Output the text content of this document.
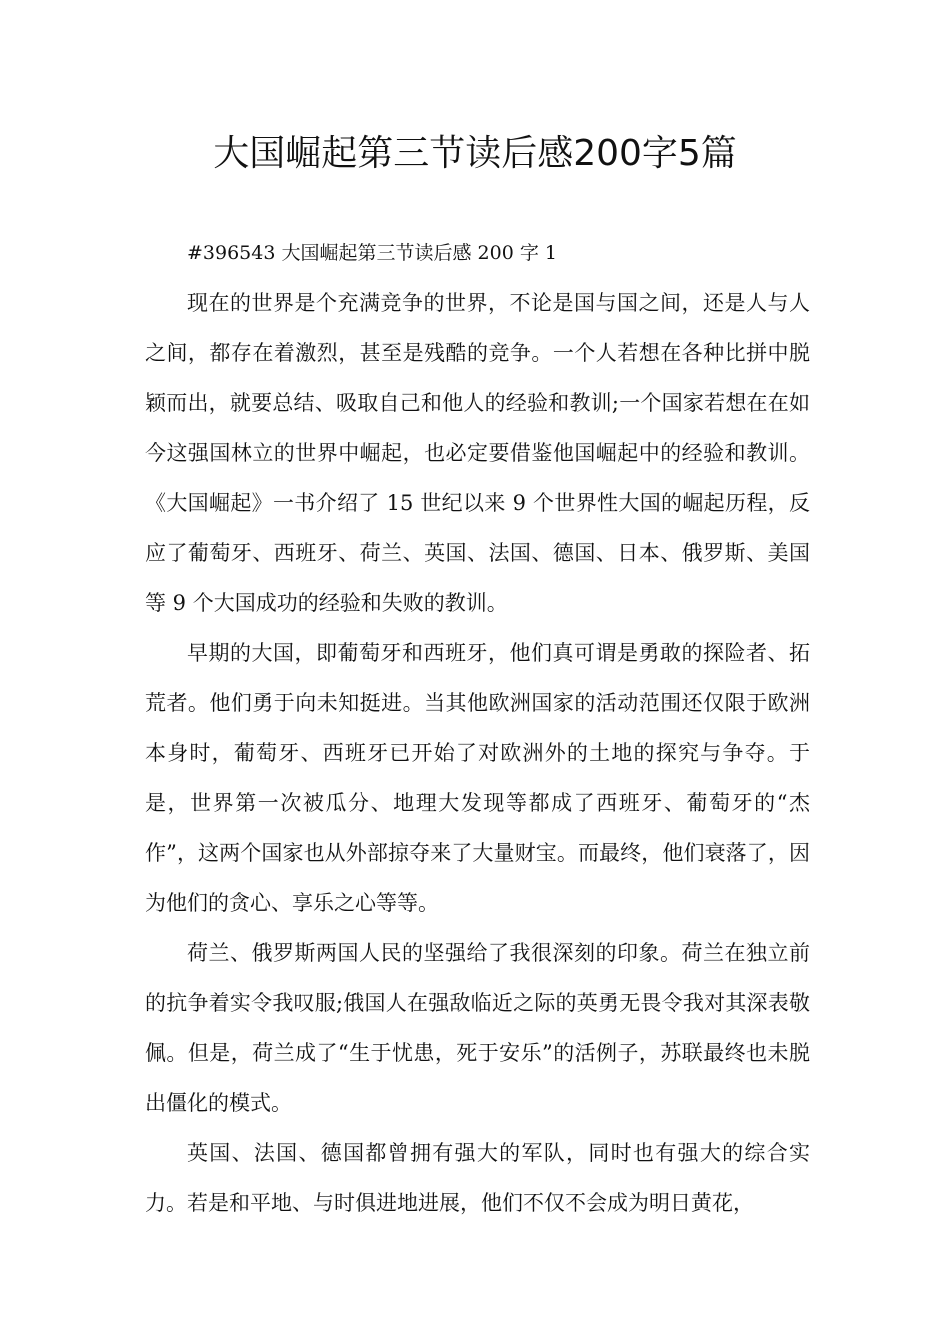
大国崛起第三节读后感200字5篇

#396543 大国崛起第三节读后感 200 字 1

现在的世界是个充满竞争的世界，不论是国与国之间，还是人与人之间，都存在着激烈，甚至是残酷的竞争。一个人若想在各种比拼中脱颖而出，就要总结、吸取自己和他人的经验和教训;一个国家若想在在如今这强国林立的世界中崛起，也必定要借鉴他国崛起中的经验和教训。《大国崛起》一书介绍了 15 世纪以来 9 个世界性大国的崛起历程，反应了葡萄牙、西班牙、荷兰、英国、法国、德国、日本、俄罗斯、美国等 9 个大国成功的经验和失败的教训。

早期的大国，即葡萄牙和西班牙，他们真可谓是勇敢的探险者、拓荒者。他们勇于向未知挺进。当其他欧洲国家的活动范围还仅限于欧洲本身时，葡萄牙、西班牙已开始了对欧洲外的土地的探究与争夺。于是，世界第一次被瓜分、地理大发现等都成了西班牙、葡萄牙的“杰作”，这两个国家也从外部掠夺来了大量财宝。而最终，他们衰落了，因为他们的贪心、享乐之心等等。

荷兰、俄罗斯两国人民的坚强给了我很深刻的印象。荷兰在独立前的抗争着实令我叹服;俄国人在强敌临近之际的英勇无畏令我对其深表敬佩。但是，荷兰成了“生于忧患，死于安乐”的活例子，苏联最终也未脱出僵化的模式。

英国、法国、德国都曾拥有强大的军队，同时也有强大的综合实力。若是和平地、与时俱进地进展，他们不仅不会成为明日黄花，
